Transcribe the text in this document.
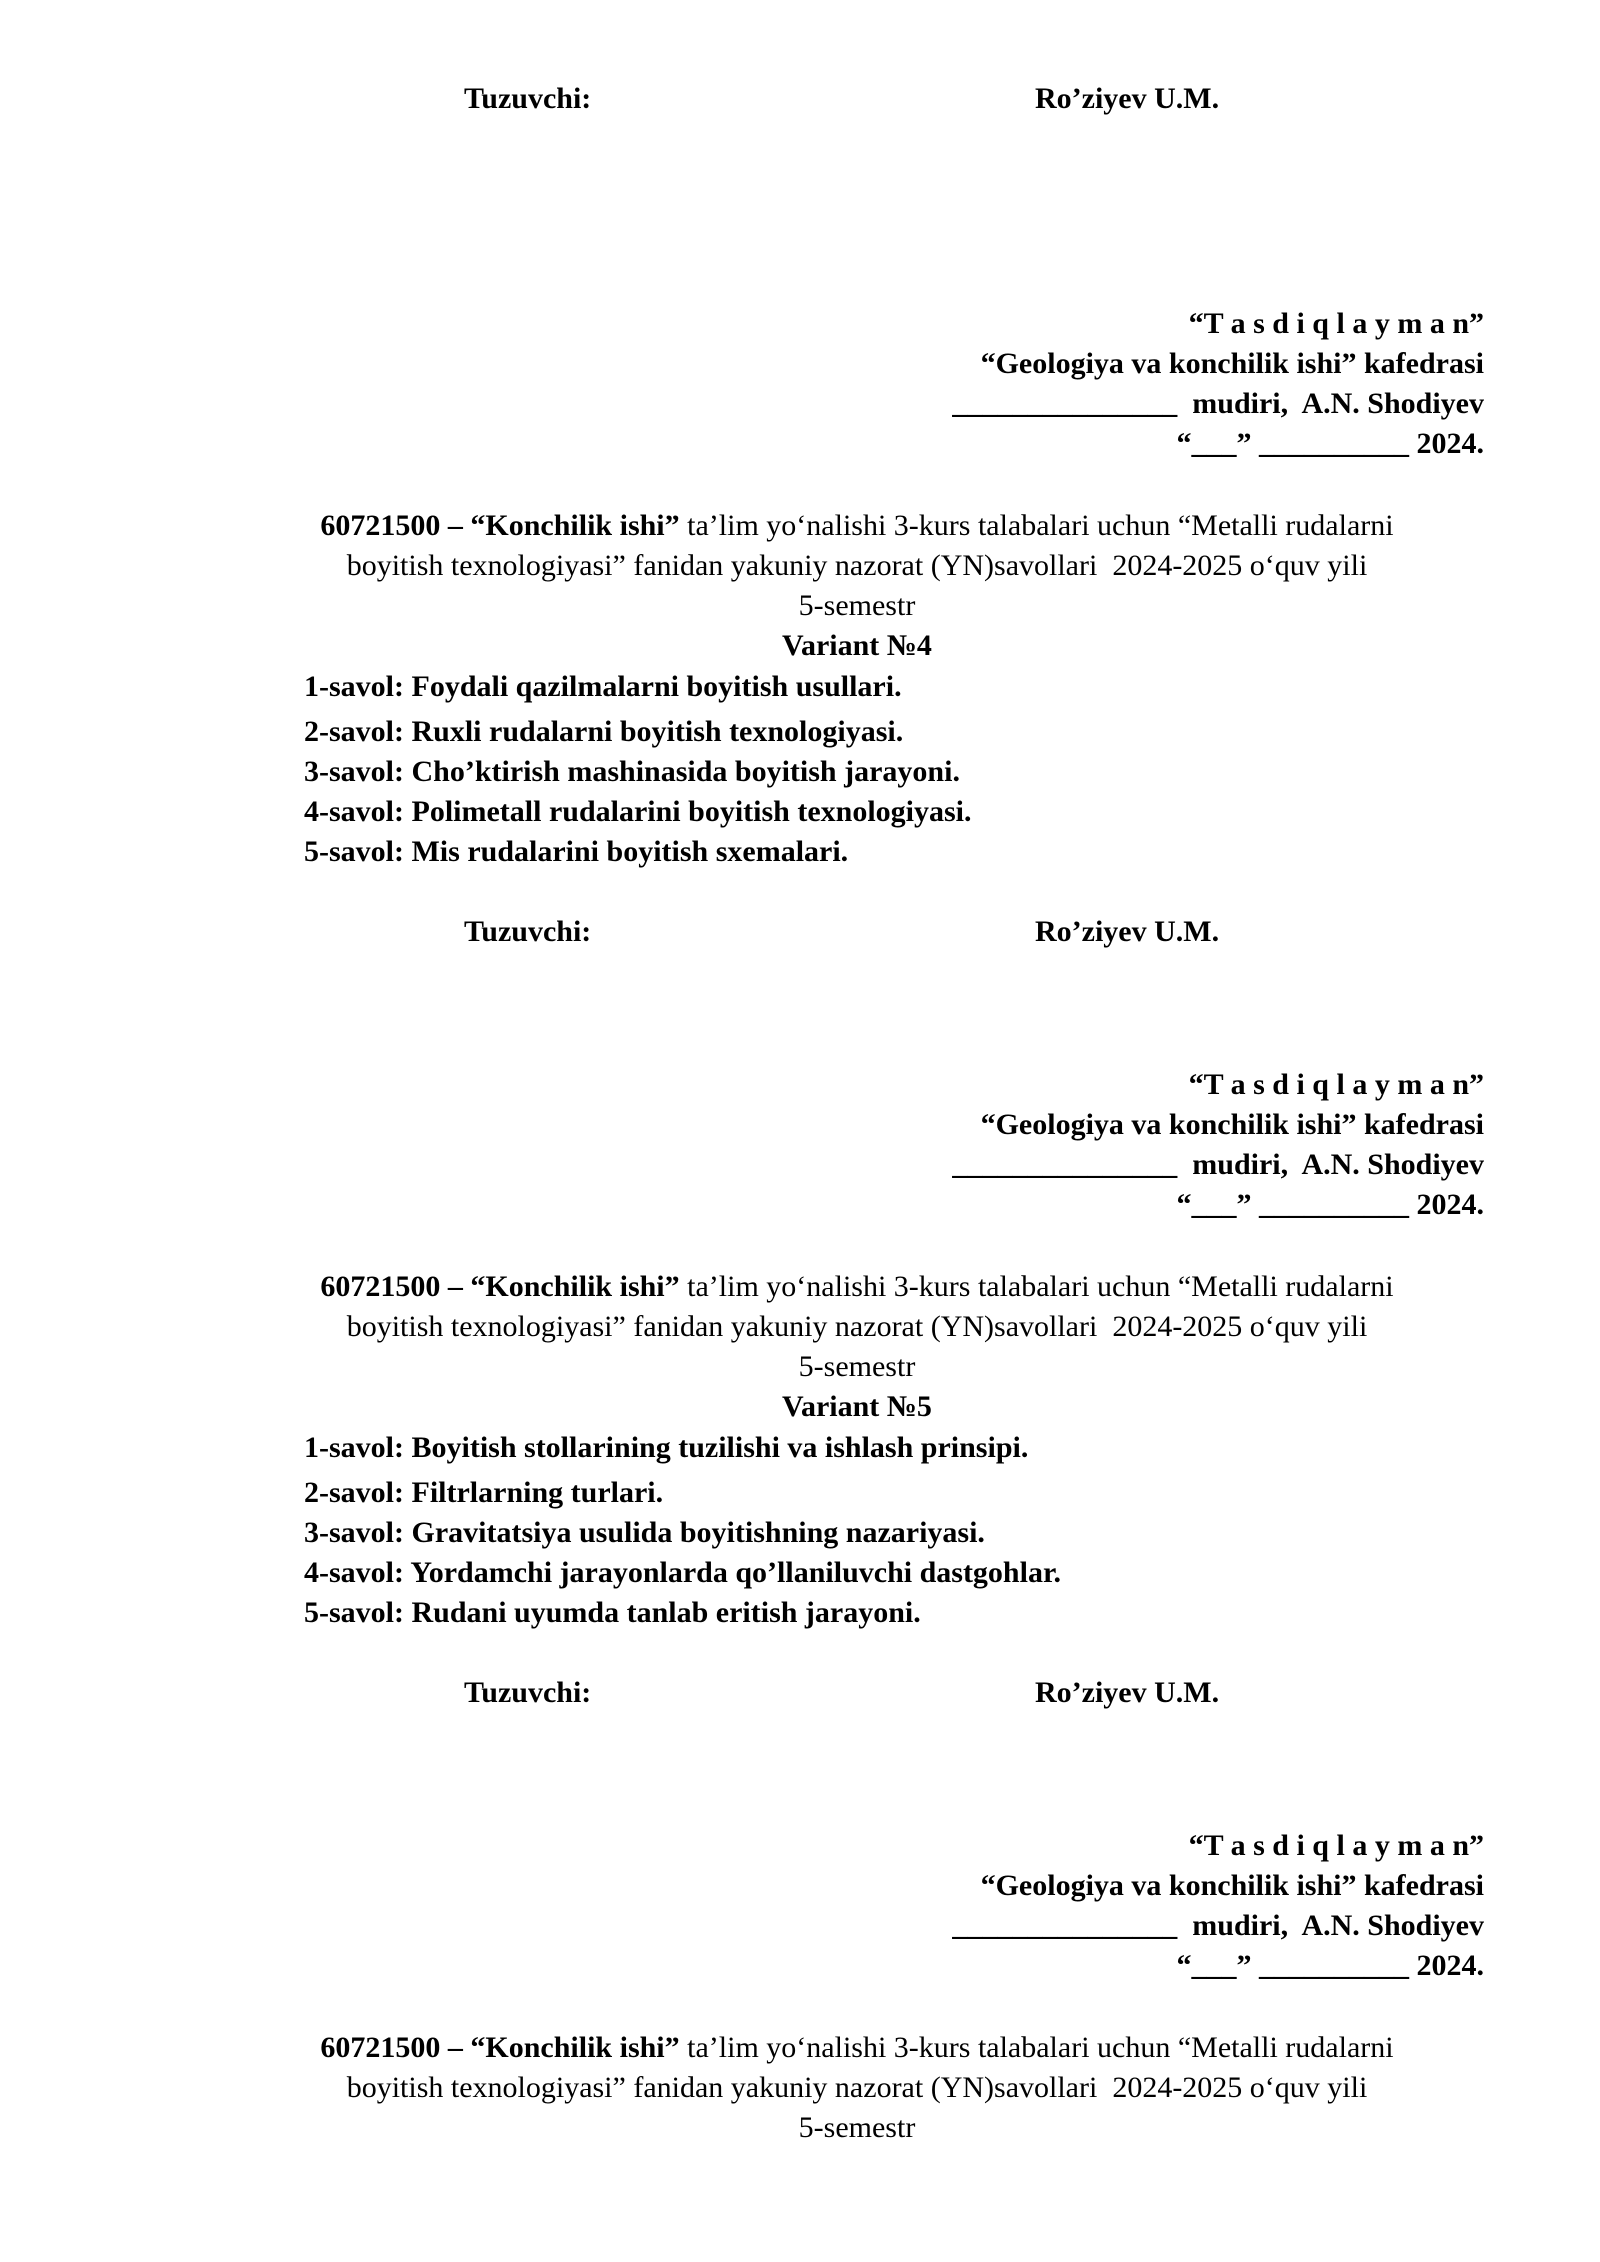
Tuzuvchi:

	Ro’ziyev U.M.

“T a s d i q l a y m a n”
“Geologiya va konchilik ishi” kafedrasi
_______________  mudiri,  A.N. Shodiyev
“___” __________ 2024.
60721500 – “Konchilik ishi” ta’lim yo‘nalishi 3-kurs talabalari uchun “Metalli rudalarni
boyitish texnologiyasi” fanidan yakuniy nazorat (YN)savollari  2024-2025 o‘quv yili
5-semestr
Variant №4
1-savol: Foydali qazilmalarni boyitish usullari.
2-savol: Ruxli rudalarni boyitish texnologiyasi.
3-savol: Cho’ktirish mashinasida boyitish jarayoni.
4-savol: Polimetall rudalarini boyitish texnologiyasi.
5-savol: Mis rudalarini boyitish sxemalari.

Tuzuvchi:

	Ro’ziyev U.M.

“T a s d i q l a y m a n”
“Geologiya va konchilik ishi” kafedrasi
_______________  mudiri,  A.N. Shodiyev
“___” __________ 2024.
60721500 – “Konchilik ishi” ta’lim yo‘nalishi 3-kurs talabalari uchun “Metalli rudalarni
boyitish texnologiyasi” fanidan yakuniy nazorat (YN)savollari  2024-2025 o‘quv yili
5-semestr
Variant №5
1-savol: Boyitish stollarining tuzilishi va ishlash prinsipi.
2-savol: Filtrlarning turlari.
3-savol: Gravitatsiya usulida boyitishning nazariyasi.
4-savol: Yordamchi jarayonlarda qo’llaniluvchi dastgohlar.
5-savol: Rudani uyumda tanlab eritish jarayoni.

Tuzuvchi:

	Ro’ziyev U.M.

“T a s d i q l a y m a n”
“Geologiya va konchilik ishi” kafedrasi
_______________  mudiri,  A.N. Shodiyev
“___” __________ 2024.
60721500 – “Konchilik ishi” ta’lim yo‘nalishi 3-kurs talabalari uchun “Metalli rudalarni
boyitish texnologiyasi” fanidan yakuniy nazorat (YN)savollari  2024-2025 o‘quv yili
5-semestr
